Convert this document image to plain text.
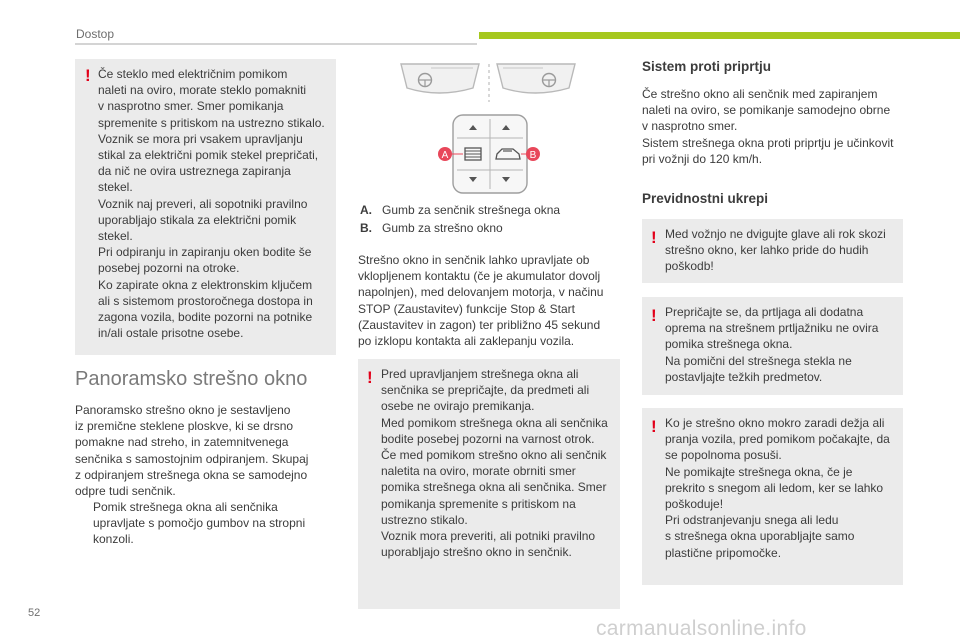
Dostop
! Če steklo med električnim pomikom
naleti na oviro, morate steklo pomakniti
v nasprotno smer. Smer pomikanja
spremenite s pritiskom na ustrezno stikalo.
Voznik se mora pri vsakem upravljanju
stikal za električni pomik stekel prepričati,
da nič ne ovira ustreznega zapiranja
stekel.
Voznik naj preveri, ali sopotniki pravilno
uporabljajo stikala za električni pomik
stekel.
Pri odpiranju in zapiranju oken bodite še
posebej pozorni na otroke.
Ko zapirate okna z elektronskim ključem
ali s sistemom prostoročnega dostopa in
zagona vozila, bodite pozorni na potnike
in/ali ostale prisotne osebe.
Panoramsko strešno okno
Panoramsko strešno okno je sestavljeno
iz premične steklene ploskve, ki se drsno
pomakne nad streho, in zatemnitvenega
senčnika s samostojnim odpiranjem. Skupaj
z odpiranjem strešnega okna se samodejno
odpre tudi senčnik.

Pomik strešnega okna ali senčnika
upravljate s pomočjo gumbov na stropni
konzoli.

A	B
A. Gumb za senčnik strešnega okna
B. Gumb za strešno okno
Strešno okno in senčnik lahko upravljate ob
vklopljenem kontaktu (če je akumulator dovolj
napolnjen), med delovanjem motorja, v načinu
STOP (Zaustavitev) funkcije Stop & Start
(Zaustavitev in zagon) ter približno 45 sekund
po izklopu kontakta ali zaklepanju vozila.
! Pred upravljanjem strešnega okna ali
senčnika se prepričajte, da predmeti ali
osebe ne ovirajo premikanja.
Med pomikom strešnega okna ali senčnika
bodite posebej pozorni na varnost otrok.
Če med pomikom strešno okno ali senčnik
naletita na oviro, morate obrniti smer
pomika strešnega okna ali senčnika. Smer
pomikanja spremenite s pritiskom na
ustrezno stikalo.
Voznik mora preveriti, ali potniki pravilno
uporabljajo strešno okno in senčnik.
Sistem proti priprtju
Če strešno okno ali senčnik med zapiranjem
naleti na oviro, se pomikanje samodejno obrne
v nasprotno smer.
Sistem strešnega okna proti priprtju je učinkovit
pri vožnji do 120 km/h.
Previdnostni ukrepi
! Med vožnjo ne dvigujte glave ali rok skozi
strešno okno, ker lahko pride do hudih
poškodb!
! Prepričajte se, da prtljaga ali dodatna
oprema na strešnem prtljažniku ne ovira
pomika strešnega okna.
Na pomični del strešnega stekla ne
postavljajte težkih predmetov.
! Ko je strešno okno mokro zaradi dežja ali
pranja vozila, pred pomikom počakajte, da
se popolnoma posuši.
Ne pomikajte strešnega okna, če je
prekrito s snegom ali ledom, ker se lahko
poškoduje!
Pri odstranjevanju snega ali ledu
s strešnega okna uporabljajte samo
plastične pripomočke.
52
carmanualsonline.info
